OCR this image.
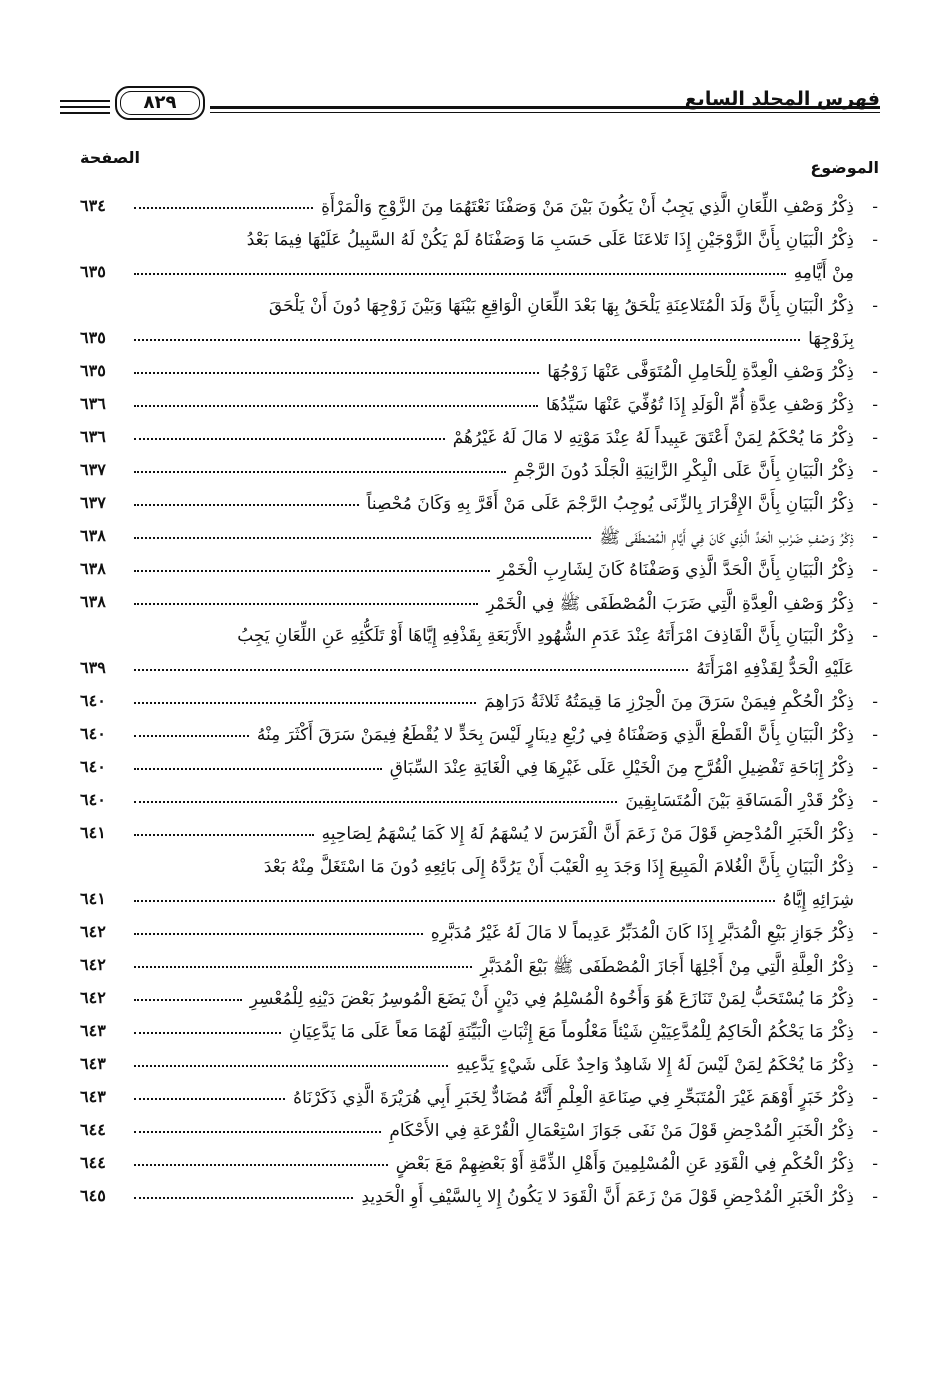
فهرس المجلد السابع
٨٢٩
الموضوع
الصفحة
-
ذِكْرُ وَصْفِ اللِّعَانِ الَّذِي يَجِبُ أَنْ يَكُونَ بَيْنَ مَنْ وَصَفْنَا نَعْتَهُمَا مِنَ الزَّوْجِ وَالْمَرْأَةِ
٦٣٤
-
ذِكْرُ الْبَيَانِ بِأَنَّ الزَّوْجَيْنِ إِذَا تَلاعَنَا عَلَى حَسَبِ مَا وَصَفْنَاهُ لَمْ يَكُنْ لَهُ السَّبِيلُ عَلَيْهَا فِيمَا بَعْدُ
مِنْ أَيَّامِهِ
٦٣٥
-
ذِكْرُ الْبَيَانِ بِأَنَّ وَلَدَ الْمُتَلاعِنَةِ يَلْحَقُ بِهَا بَعْدَ اللِّعَانِ الْوَاقِعِ بَيْنَهَا وَبَيْنَ زَوْجِهَا دُونَ أَنْ يَلْحَقَ
بِزَوْجِهَا
٦٣٥
-
ذِكْرُ وَصْفِ الْعِدَّةِ لِلْحَامِلِ الْمُتَوَفَّى عَنْهَا زَوْجُهَا
٦٣٥
-
ذِكْرُ وَصْفِ عِدَّةِ أُمِّ الْوَلَدِ إِذَا تُوُفِّيَ عَنْهَا سَيِّدُهَا
٦٣٦
-
ذِكْرُ مَا يُحْكَمُ لِمَنْ أَعْتَقَ عَبِيداً لَهُ عِنْدَ مَوْتِهِ لا مَالَ لَهُ غَيْرُهُمْ
٦٣٦
-
ذِكْرُ الْبَيَانِ بِأَنَّ عَلَى الْبِكْرِ الزَّانِيَةِ الْجَلْدَ دُونَ الرَّجْمِ
٦٣٧
-
ذِكْرُ الْبَيَانِ بِأَنَّ الإِقْرَارَ بِالزِّنَى يُوجِبُ الرَّجْمَ عَلَى مَنْ أَقَرَّ بِهِ وَكَانَ مُحْصِناً
٦٣٧
-
ذِكْرُ وَصْفِ ضَرْبِ الْحَدِّ الَّذِي كَانَ فِي أَيَّامِ الْمُصْطَفَى ﷺ
٦٣٨
-
ذِكْرُ الْبَيَانِ بِأَنَّ الْحَدَّ الَّذِي وَصَفْنَاهُ كَانَ لِشَارِبِ الْخَمْرِ
٦٣٨
-
ذِكْرُ وَصْفِ الْعِدَّةِ الَّتِي ضَرَبَ الْمُصْطَفَى ﷺ فِي الْخَمْرِ
٦٣٨
-
ذِكْرُ الْبَيَانِ بِأَنَّ الْقَاذِفَ امْرَأَتَهُ عِنْدَ عَدَمِ الشُّهُودِ الأَرْبَعَةِ بِقَذْفِهِ إِيَّاهَا أَوْ تَلَكُّئِهِ عَنِ اللِّعَانِ يَجِبُ
عَلَيْهِ الْحَدُّ لِقَذْفِهِ امْرَأَتَهُ
٦٣٩
-
ذِكْرُ الْحُكْمِ فِيمَنْ سَرَقَ مِنَ الْحِرْزِ مَا قِيمَتُهُ ثَلاثَةُ دَرَاهِمَ
٦٤٠
-
ذِكْرُ الْبَيَانِ بِأَنَّ الْقَطْعَ الَّذِي وَصَفْنَاهُ فِي رُبْعِ دِينَارٍ لَيْسَ بِحَدٍّ لا يُقْطَعُ فِيمَنْ سَرَقَ أَكْثَرَ مِنْهُ
٦٤٠
-
ذِكْرُ إِبَاحَةِ تَفْضِيلِ الْقُرَّحِ مِنَ الْخَيْلِ عَلَى غَيْرِهَا فِي الْغَايَةِ عِنْدَ السِّبَاقِ
٦٤٠
-
ذِكْرُ قَدْرِ الْمَسَافَةِ بَيْنَ الْمُتَسَابِقِينَ
٦٤٠
-
ذِكْرُ الْخَبَرِ الْمُدْحِضِ قَوْلَ مَنْ زَعَمَ أَنَّ الْفَرَسَ لا يُسْهَمُ لَهُ إِلا كَمَا يُسْهَمُ لِصَاحِبِهِ
٦٤١
-
ذِكْرُ الْبَيَانِ بِأَنَّ الْغُلامَ الْمَبِيعَ إِذَا وَجَدَ بِهِ الْعَيْبَ أَنْ يَرُدَّهُ إِلَى بَائِعِهِ دُونَ مَا اسْتَغَلَّ مِنْهُ بَعْدَ
شِرَائِهِ إِيَّاهُ
٦٤١
-
ذِكْرُ جَوَازِ بَيْعِ الْمُدَبَّرِ إِذَا كَانَ الْمُدَبِّرُ عَدِيماً لا مَالَ لَهُ غَيْرُ مُدَبَّرِهِ
٦٤٢
-
ذِكْرُ الْعِلَّةِ الَّتِي مِنْ أَجْلِهَا أَجَازَ الْمُصْطَفَى ﷺ بَيْعَ الْمُدَبَّرِ
٦٤٢
-
ذِكْرُ مَا يُسْتَحَبُّ لِمَنْ تَنَازَعَ هُوَ وَأَخُوهُ الْمُسْلِمُ فِي دَيْنٍ أَنْ يَضَعَ الْمُوسِرُ بَعْضَ دَيْنِهِ لِلْمُعْسِرِ
٦٤٢
-
ذِكْرُ مَا يَحْكُمُ الْحَاكِمُ لِلْمُدَّعِيَيْنِ شَيْئاً مَعْلُوماً مَعَ إِثْبَاتِ الْبَيِّنَةِ لَهُمَا مَعاً عَلَى مَا يَدَّعِيَانِ
٦٤٣
-
ذِكْرُ مَا يُحْكَمُ لِمَنْ لَيْسَ لَهُ إِلا شَاهِدٌ وَاحِدٌ عَلَى شَيْءٍ يَدَّعِيهِ
٦٤٣
-
ذِكْرُ خَبَرٍ أَوْهَمَ غَيْرَ الْمُتَبَحِّرِ فِي صِنَاعَةِ الْعِلْمِ أَنَّهُ مُضَادٌّ لِخَبَرِ أَبِي هُرَيْرَةَ الَّذِي ذَكَرْنَاهُ
٦٤٣
-
ذِكْرُ الْخَبَرِ الْمُدْحِضِ قَوْلَ مَنْ نَفَى جَوَازَ اسْتِعْمَالِ الْقُرْعَةِ فِي الأَحْكَامِ
٦٤٤
-
ذِكْرُ الْحُكْمِ فِي الْقَوَدِ عَنِ الْمُسْلِمِينَ وَأَهْلِ الذِّمَّةِ أَوْ بَعْضِهِمْ مَعَ بَعْضٍ
٦٤٤
-
ذِكْرُ الْخَبَرِ الْمُدْحِضِ قَوْلَ مَنْ زَعَمَ أَنَّ الْقَوَدَ لا يَكُونُ إِلا بِالسَّيْفِ أَوِ الْحَدِيدِ
٦٤٥
